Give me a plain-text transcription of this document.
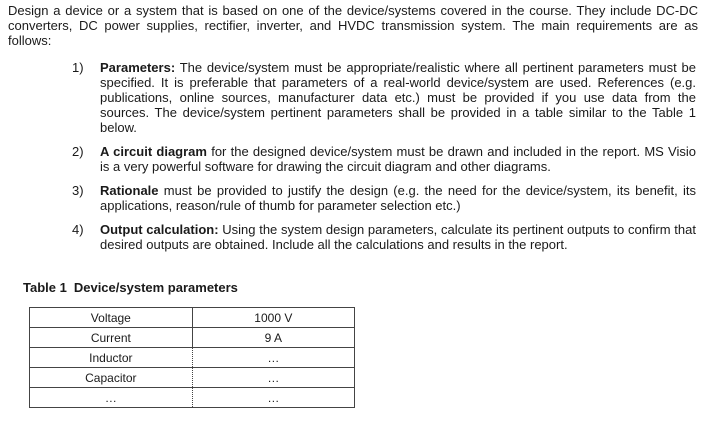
Design a device or a system that is based on one of the device/systems covered in the course. They include DC-DC converters, DC power supplies, rectifier, inverter, and HVDC transmission system. The main requirements are as follows:

1) Parameters: The device/system must be appropriate/realistic where all pertinent parameters must be specified. It is preferable that parameters of a real-world device/system are used. References (e.g. publications, online sources, manufacturer data etc.) must be provided if you use data from the sources. The device/system pertinent parameters shall be provided in a table similar to the Table 1 below.
2) A circuit diagram for the designed device/system must be drawn and included in the report. MS Visio is a very powerful software for drawing the circuit diagram and other diagrams.
3) Rationale must be provided to justify the design (e.g. the need for the device/system, its benefit, its applications, reason/rule of thumb for parameter selection etc.)
4) Output calculation: Using the system design parameters, calculate its pertinent outputs to confirm that desired outputs are obtained. Include all the calculations and results in the report.

Table 1 Device/system parameters

Voltage	1000 V
Current	9 A
Inductor	…
Capacitor	…
…	…
